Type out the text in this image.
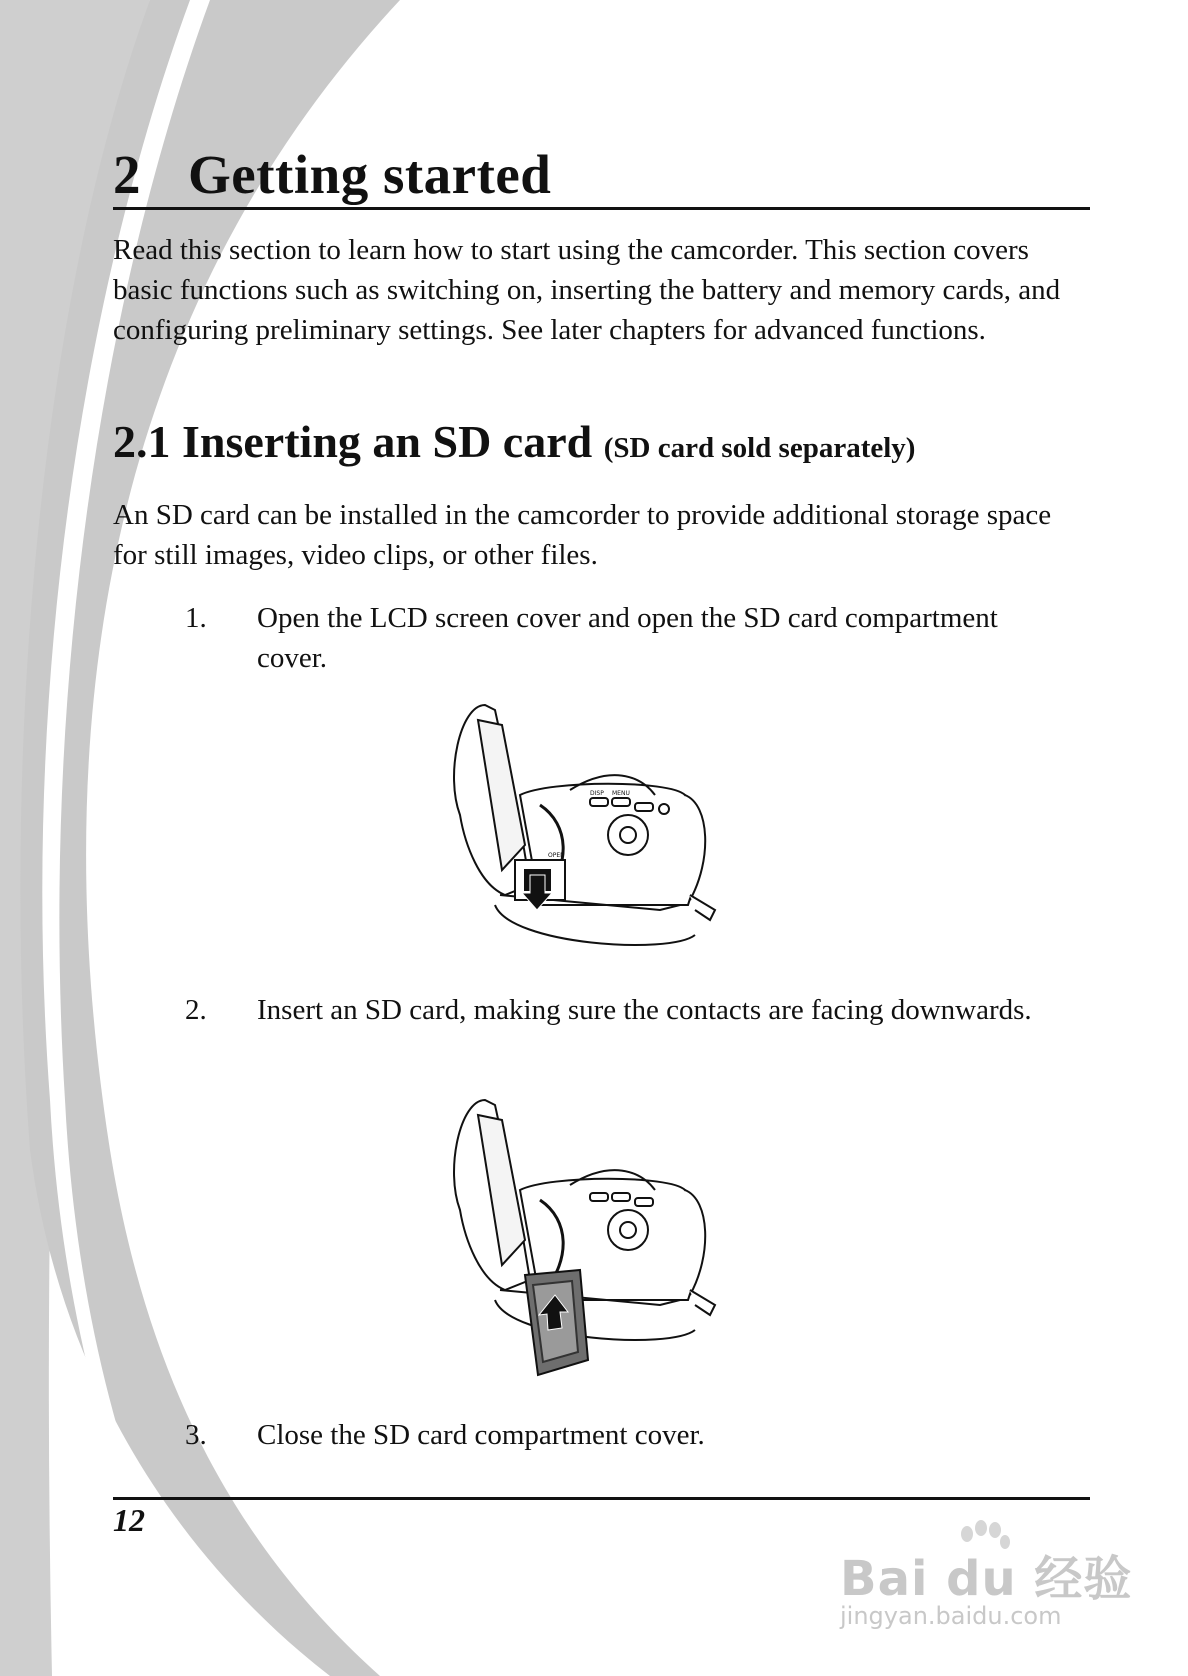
2 Getting started

Read this section to learn how to start using the camcorder. This section covers basic functions such as switching on, inserting the battery and memory cards, and configuring preliminary settings. See later chapters for advanced functions.

2.1 Inserting an SD card (SD card sold separately)

An SD card can be installed in the camcorder to provide additional storage space for still images, video clips, or other files.

1. Open the LCD screen cover and open the SD card compartment cover.
DISP MENU
OPEN
2. Insert an SD card, making sure the contacts are facing downwards.
3. Close the SD card compartment cover.
12
Bai du 经验
jingyan.baidu.com
